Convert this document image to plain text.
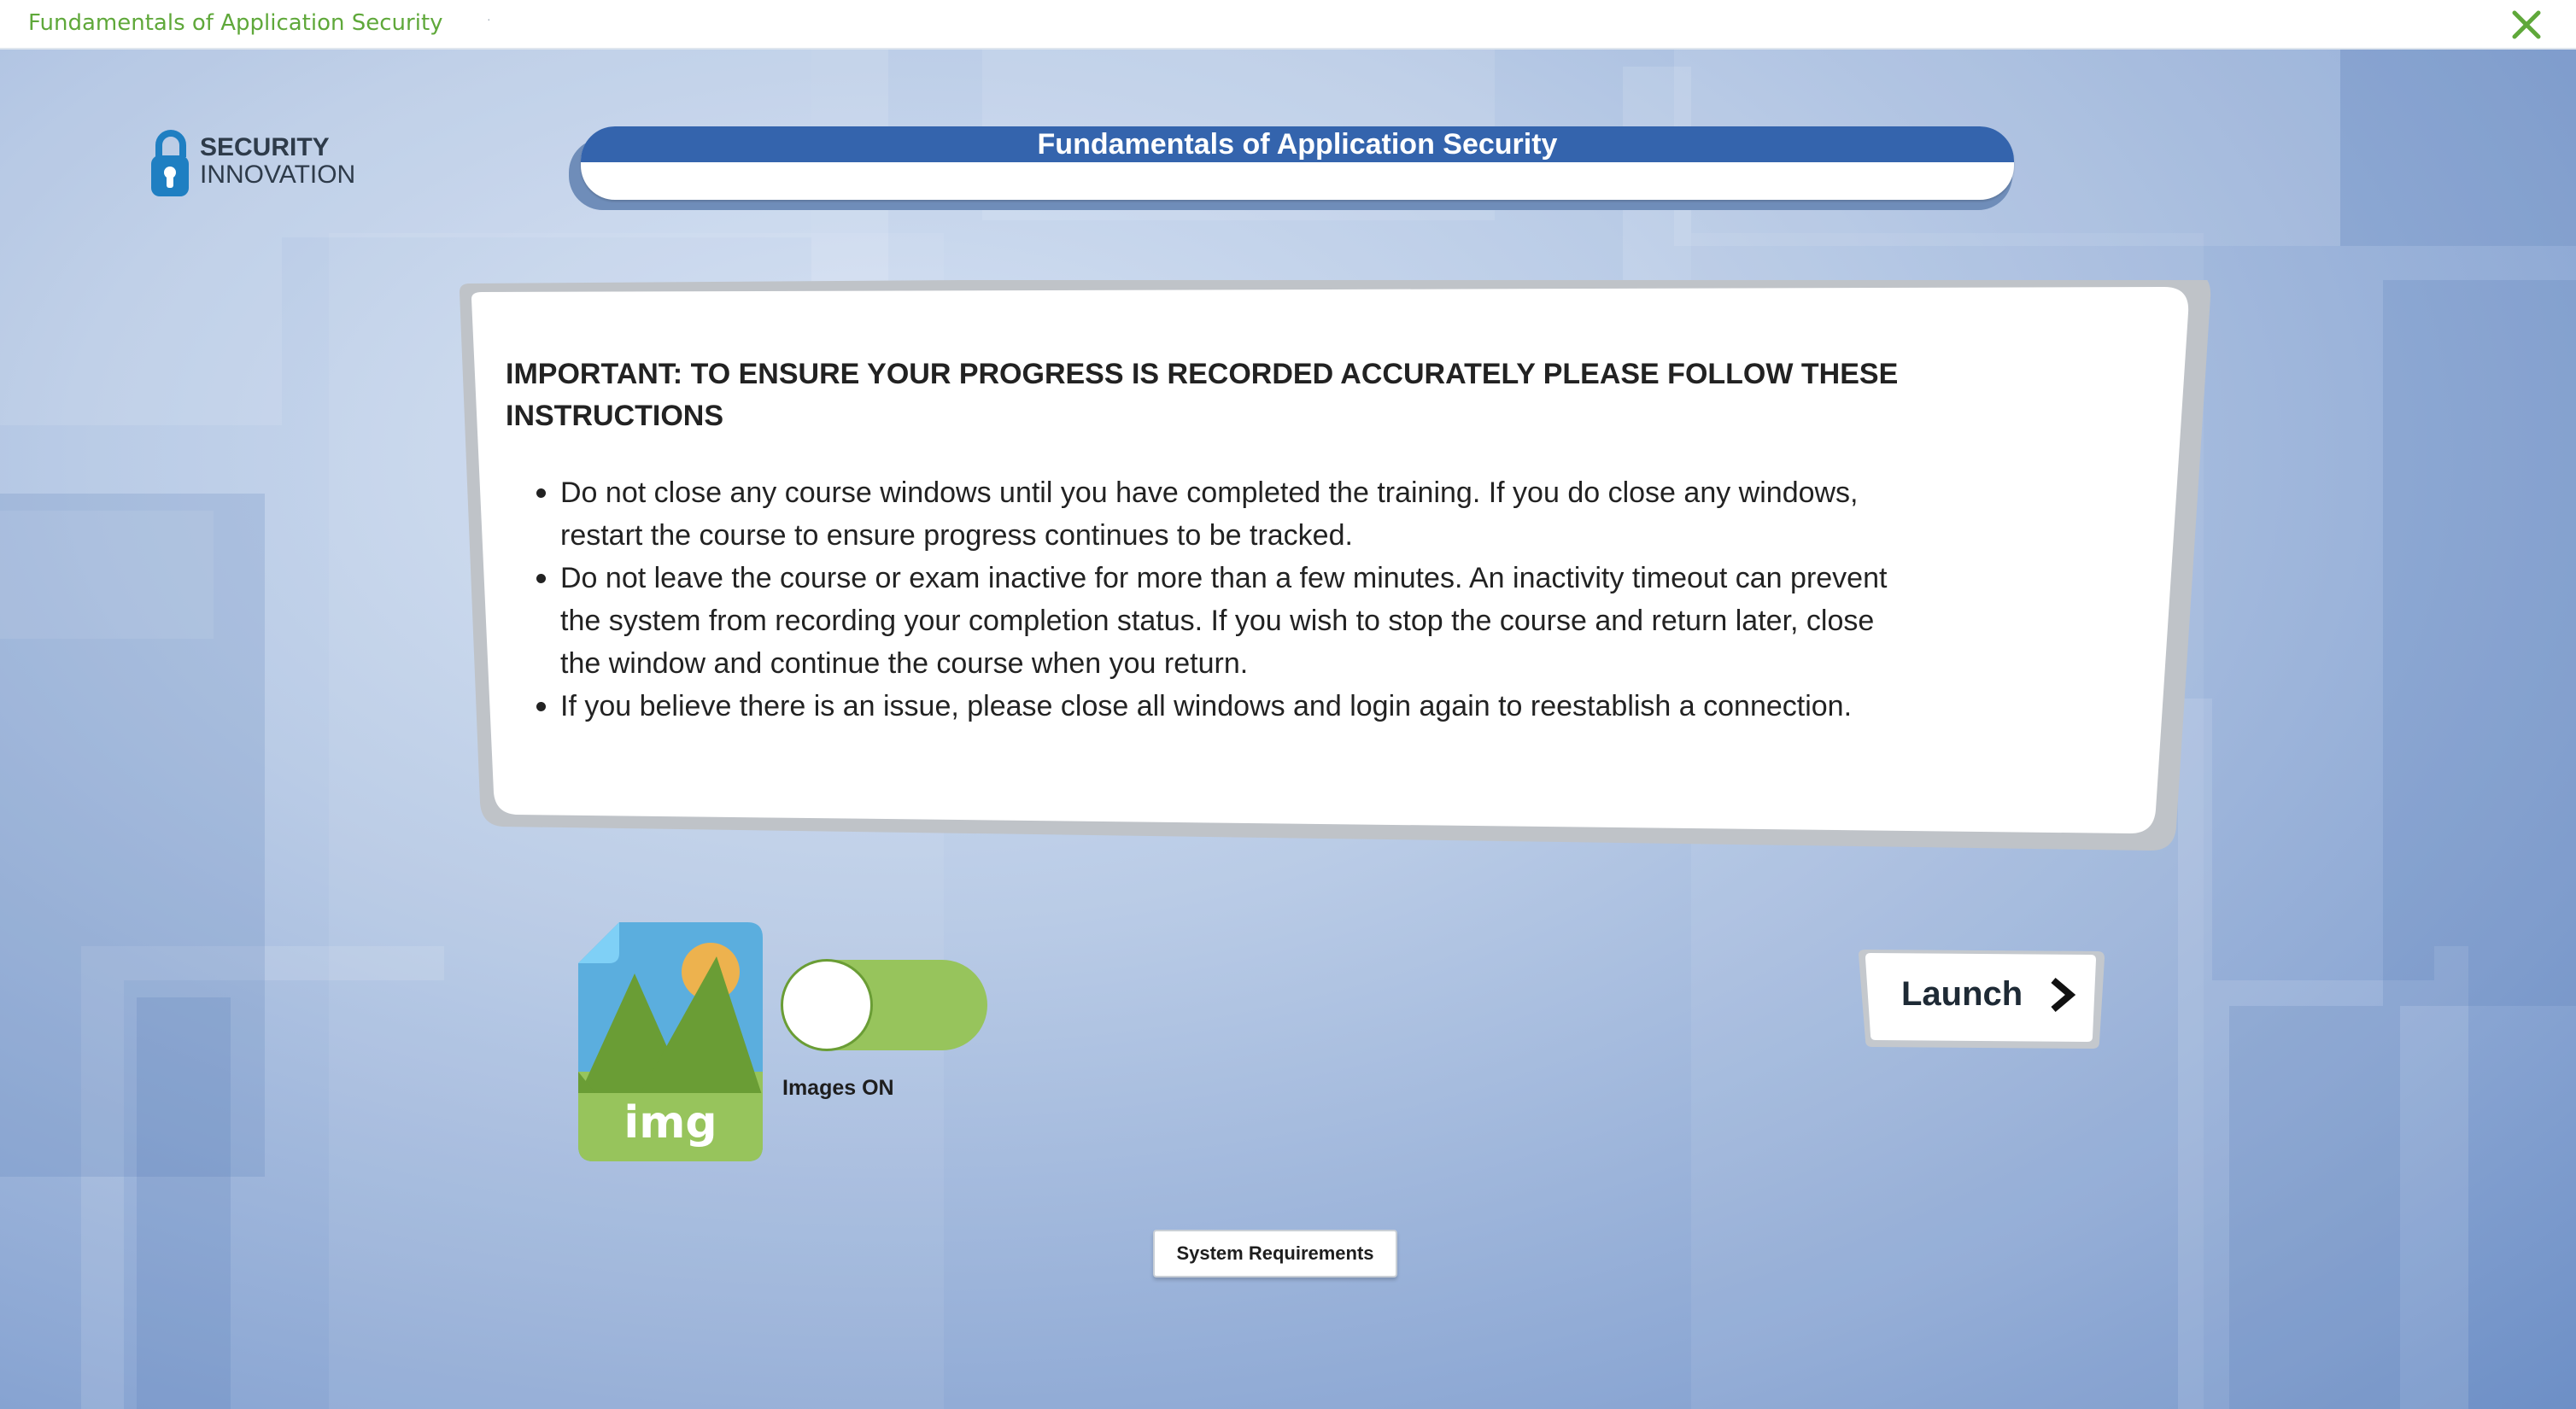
Fundamentals of Application Security	·
SECURITY
INNOVATION
Fundamentals of Application Security
IMPORTANT: TO ENSURE YOUR PROGRESS IS RECORDED ACCURATELY PLEASE FOLLOW THESE INSTRUCTIONS
Do not close any course windows until you have completed the training. If you do close any windows,
restart the course to ensure progress continues to be tracked.
Do not leave the course or exam inactive for more than a few minutes. An inactivity timeout can prevent
the system from recording your completion status. If you wish to stop the course and return later, close
the window and continue the course when you return.
If you believe there is an issue, please close all windows and login again to reestablish a connection.
img
Images ON
Launch
System Requirements
